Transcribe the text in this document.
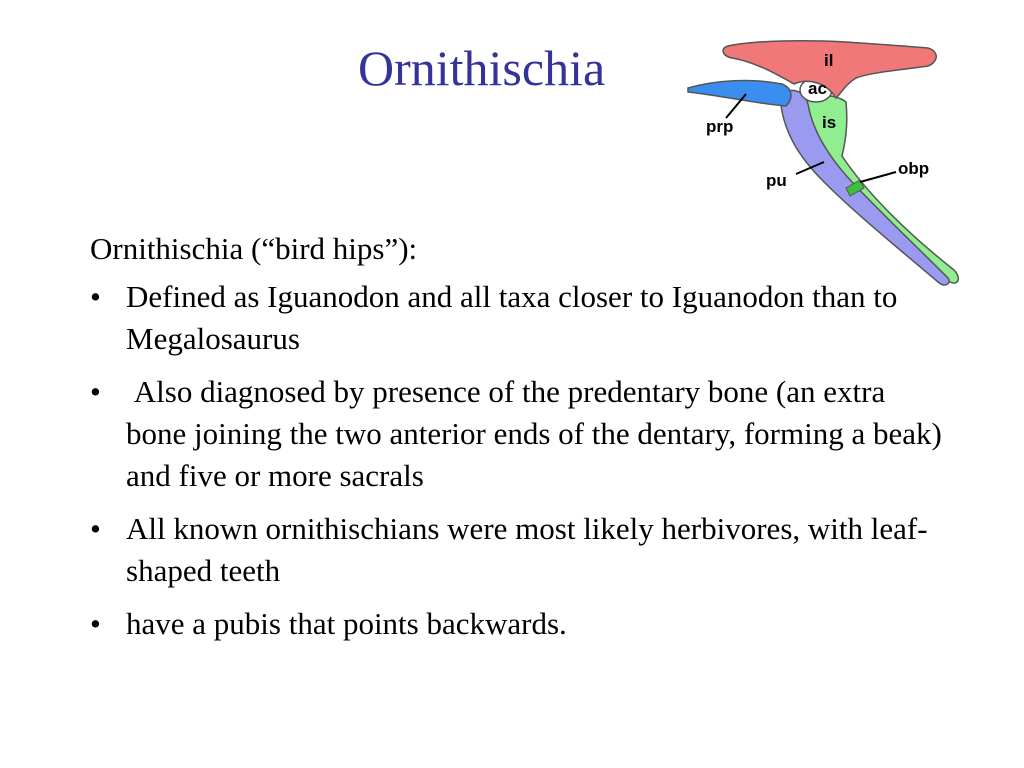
Ornithischia	il
ac
is
prp
pu
obp

Ornithischia (“bird hips”):

• Defined as Iguanodon and all taxa closer to Iguanodon than to Megalosaurus
• Also diagnosed by presence of the predentary bone (an extra bone joining the two anterior ends of the dentary, forming a beak) and five or more sacrals
• All known ornithischians were most likely herbivores, with leaf-shaped teeth
• have a pubis that points backwards.
